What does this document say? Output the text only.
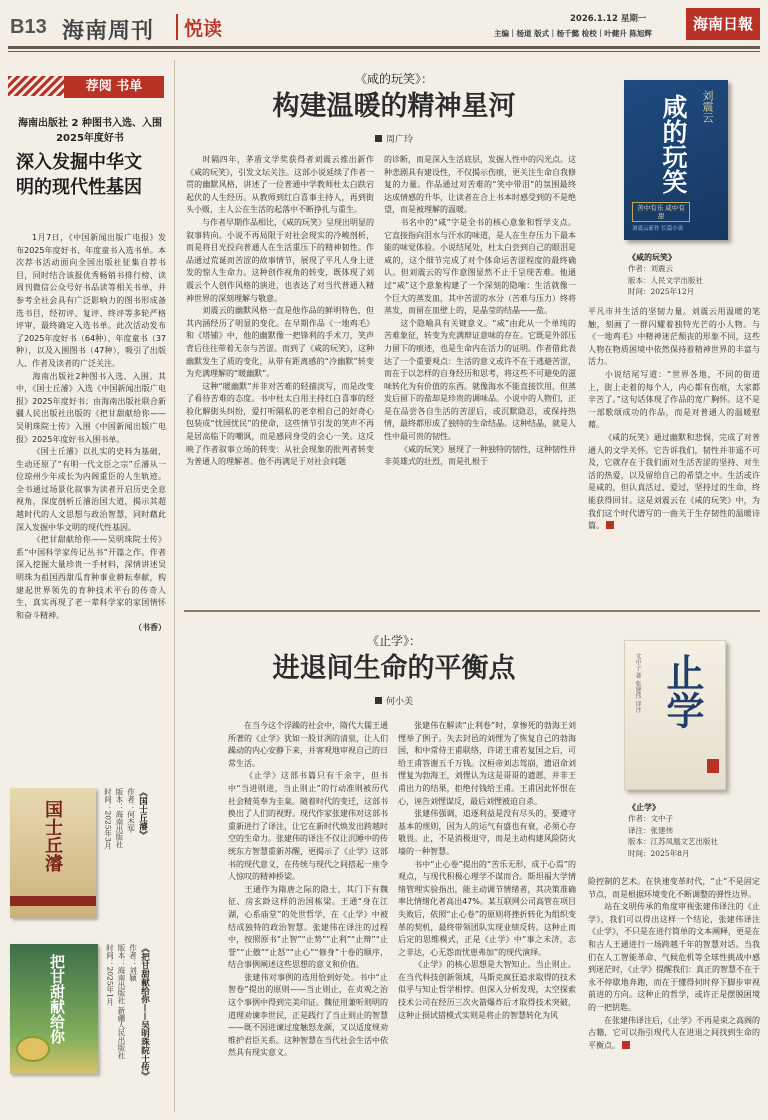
B13 海南周刊 悦读	2026.1.12 星期一
主编｜杨道 版式｜杨千懿 检校｜叶健升 陈旭辉
海南日報
荐阅 书单
海南出版社 2 种图书入选、入围2025年度好书
深入发掘中华文明的现代性基因

1月7日，《中国新闻出版广电报》发布2025年度好书、年度童书入选书单。本次荐书活动面向全国出版社征集自荐书目，同时结合该报优秀畅销书排行榜、读周刊微信公众号好书品读等相关书单，并参考全社会具有广泛影响力的图书形成备选书目，经初评、复评、终评等多轮严格评审，最终确定入选书单。此次活动发布了2025年度好书（64种）、年度童书（37种），以及入围图书（47种），吸引了出版人、作者及读者的广泛关注。

海南出版社2种图书入选、入围。其中，《国士丘濬》入选《中国新闻出版广电报》2025年度好书；由海南出版社联合新疆人民出版社出版的《把甘甜献给你——吴明珠院士传》入围《中国新闻出版广电报》2025年度好书入围书单。

《国士丘濬》以扎实的史料为基础，生动还原了“有明一代文臣之宗”丘濬从一位琼州少年成长为内阁重臣的人生轨迹。全书通过场景化叙事为读者开启历史全息视角，深度剖析丘濬治国大道，揭示其超越时代的人文思想与政治智慧，同时藉此深入发掘中华文明的现代性基因。

《把甘甜献给你——吴明珠院士传》系“中国科学家传记丛书”开篇之作。作者深入挖掘大量珍贵一手材料，深情讲述吴明珠为祖国西甜瓜育种事业耕耘奉献，构建起世界领先的育种技术平台的传奇人生，真实再现了老一辈科学家的家国情怀和奋斗精神。

（书香）

国士丘濬	《国士丘濬》
作者：何杰华
版本：海南出版社
时间：2025年3月
把甘甜献给你	《把甘甜献给你——吴明珠院士传》
作者：刘颖
版本：海南出版社 新疆人民出版社
时间：2025年1月
《咸的玩笑》：
构建温暖的精神星河
周广玲

时隔四年，茅盾文学奖获得者刘震云推出新作《咸的玩笑》，引发文坛关注。这部小说延续了作者一贯的幽默风格，讲述了一位普通中学教师杜太白跌宕起伏的人生经历。从教师到红白喜事主持人，再到街头小贩，主人公在生活的起落中不断挣扎与重生。

与作者早期作品相比，《咸的玩笑》呈现出明显的叙事转向。小说不再局限于对社会现实的冷峻剖析，而是将目光投向普通人在生活重压下的精神韧性。作品通过荒诞而苦涩的故事情节，展现了平凡人身上迸发的惊人生命力。这种创作视角的转变，既体现了刘震云个人创作风格的演进，也表达了对当代普通人精神世界的深刻理解与敬意。

刘震云的幽默风格一直是他作品的鲜明特色，但其内涵经历了明显的变化。在早期作品《一地鸡毛》和《塔铺》中，他的幽默像一把锋利的手术刀，笑声背后往往带着无奈与苦涩。而到了《咸的玩笑》，这种幽默发生了质的变化，从带有距离感的“冷幽默”转变为充满理解的“暖幽默”。

这种“暖幽默”并非对苦难的轻描淡写，而是改变了看待苦难的态度。书中杜太白用主持红白喜事的经验化解街头纠纷，爱打听隔私的老幸相自己的好奇心包装成“忧国忧民”的使命，这些情节引发的笑声不再是居高临下的嘲讽，而是感同身受的会心一笑。这反映了作者叙事立场的转变：从社会现象的批判者转变为普通人的理解者。他不再满足于对社会问题

的诊断，而是深入生活底层，发掘人性中的闪光点。这种悲剧具有建设性，不仅揭示伤痕，更关注生命自我修复的力量。作品通过对苦难的“笑中带泪”的氛围最终达成情感的升华，让读者在合上书本时感受到的不是绝望，而是被理解的温暖。

书名中的“咸”字是全书的核心意象和哲学支点。它直接指向泪水与汗水的味道，是人在生存压力下最本能的味觉体验。小说结尾处，杜太白尝到自己的眼泪是咸的，这个细节完成了对个体命运苦涩程度的最终确认。但刘震云的写作意图显然不止于呈现苦难。他通过“咸”这个意象构建了一个深刻的隐喻：生活就像一个巨大的蒸发皿，其中苦涩的水分（苦难与压力）终将蒸发，而留在皿壁上的，是晶莹的结晶——盐。

这个隐喻具有关键意义。“咸”由此从一个单纯的苦难象征，转变为充满辩证意味的存在。它既是外部压力留下的痕迹，也是生命内在活力的证明。作者借此表达了一个重要观点：生活的意义或许不在于逃避苦涩，而在于以怎样的自身经历和思考，将这些不可避免的滋味转化为有价值的东西。就像海水不能直接饮用，但蒸发后留下的盐却是珍贵的调味品。小说中的人物们，正是在品尝各自生活的苦涩后，或沉默隐忍，或保持热情，最终都形成了独特的生命结晶。这种结晶，就是人性中最可贵的韧性。

《咸的玩笑》展现了一种独特的韧性，这种韧性并非英雄式的壮烈，而是扎根于

刘震云
咸的玩笑
苦中有乐 咸中有甜
刘震云新作 长篇小说
《咸的玩笑》
作者：刘震云
版本：人民文学出版社
时间：2025年12月

平凡市井生活的坚韧力量。刘震云用温暖的笔触，刻画了一群闪耀着独特光芒的小人物。与《一地鸡毛》中精神迷茫颓丧的形象不同，这些人物在物质困境中依然保持着精神世界的丰富与活力。

小说结尾写道：“世界各地，不同的街道上，街上走着的每个人，内心都有伤痕，大家都辛苦了。”这句话体现了作品的宽广胸怀。这不是一部歌颂成功的作品，而是对普通人的温暖慰藉。

《咸的玩笑》通过幽默和悲悯，完成了对普通人的文学关怀。它告诉我们，韧性并非遥不可及，它就存在于我们面对生活苦涩的坚持、对生活的热爱，以及留给自己的希望之中。生活或许是咸的，但认真活过、爱过，坚持过的生命，终能获得回甘。这是刘震云在《咸的玩笑》中，为我们这个时代谱写的一曲关于生存韧性的温暖诗篇。

《止学》：
进退间生命的平衡点
何小美

在当今这个浮躁的社会中，隋代大儒王通所著的《止学》犹如一股甘冽的清泉，让人们躁动的内心安静下来，并客观地审视自己的日常生活。

《止学》这部书篇只有千余字，但书中“当进则进，当止则止”的行动准则被历代社会精英奉为圭臬。随着时代的变迁，这部书换出了人们的视野。现代作家张建伟对这部书重新进行了译注，让它在新时代焕发出跨越时空的生命力。张建伟的译注不仅让沉睡中的传统东方智慧重新苏醒，更揭示了《止学》这部书的现代意义，在传统与现代之间搭起一座令人惊叹的精神桥梁。

王通作为隋唐之际的隐士，其门下有魏征、房玄龄这样的治国栋梁。王通“身在江湖，心系庙堂”的处世哲学，在《止学》中被结成独特的政治智慧。张建伟在译注的过程中，按照原书“止智”“止势”“止利”“止辩”“止誉”“止傲”“止怒”“止心”“修身”十卷的顺序，结合事例阐述这些思想的意义和价值。

张建伟对事例的选用恰到好处。书中“止智卷”提出的原则——当止则止，在贞观之治这个事例中得到完美印证。魏征用兼听则明的道理劝谏李世民，正是践行了当止则止的智慧——既不因进谏过度触怒龙颜，又以适度规劝维护君臣关系。这种智慧在当代社会生活中依然具有现实意义。

张建伟在解读“止利卷”时，拿惨死的勃海王刘悝举了例子。失去封邑的刘悝为了恢复自己的勃海国，和中常侍王甫联络，许诺王甫若复国之后，可给王甫答谢五千万钱。汉桓帝刘志驾崩，遗诏命刘悝复为勃海王，刘悝认为这是哥哥的遗愿，并非王甫出力的结果，拒绝付钱给王甫。王甫因此怀恨在心，诬告刘悝谋反，最后刘悝被迫自杀。

张建伟强调，追逐利益是没有尽头的，要遵守基本的规则，因为人的运气有盛也有衰，必须心存敬畏。止，不是消极退守，而是主动构建风险防火墙的一种智慧。

书中“止心卷”提出的“苦乐无形，成于心焉”的观点，与现代积极心理学不谋而合。斯坦福大学情绪管理实验指出，能主动调节情绪者，其决策准确率比情绪化者高出47%。某互联网公司高管在项目失败后，依照“止心卷”的原则将挫折转化为组织变革的契机，最终带领团队实现业绩反转。这种止而后定的思维模式，正是《止学》中“事之未济，志之非达，心无怨而忧患弗加”的现代演绎。

《止学》的核心思想是大智知止。当止则止。在当代科技创新领域，马斯克疯狂追求取得的技术似乎与知止哲学相悖。但深入分析发现，太空探索技术公司在经历三次火箭爆炸后才取得技术突破，这种止损试错模式实则是将止的智慧转化为风

文中子 著 张建伟 译注 止学
《止学》
作者：文中子
译注：张建伟
版本：江苏凤凰文艺出版社
时间：2025年8月

险控制的艺术。在快速变革时代，“止”不是固定节点，而是根据环境变化不断调整的弹性边界。

站在文明传承的角度审视张建伟译注的《止学》，我们可以得出这样一个结论，张建伟译注《止学》，不只是在进行简单的文本阐释，更是在和古人王通进行一场跨越千年的智慧对话。当我们在人工智能革命、气候危机等全球性挑战中感到迷茫时，《止学》提醒我们：真正的智慧不在于永不停歇地奔跑，而在于懂得何时停下脚步审视前进的方向。这种止的哲学，或许正是摆脱困境的一把钥匙。

在张建伟译注后，《止学》不再是束之高阁的古籍，它可以指引现代人在进退之间找到生命的平衡点。
